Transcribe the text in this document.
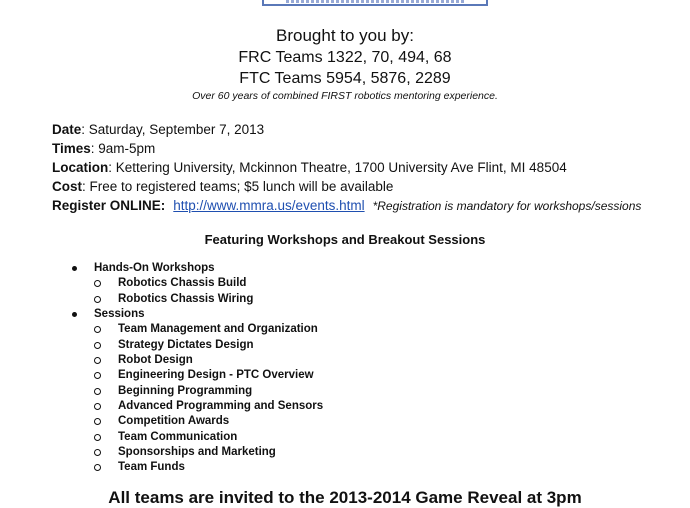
Brought to you by:
FRC Teams 1322, 70, 494, 68
FTC Teams 5954, 5876, 2289
Over 60 years of combined FIRST robotics mentoring experience.
Date: Saturday, September 7, 2013
Times: 9am-5pm
Location: Kettering University, Mckinnon Theatre, 1700 University Ave Flint, MI 48504
Cost: Free to registered teams; $5 lunch will be available
Register ONLINE: http://www.mmra.us/events.html *Registration is mandatory for workshops/sessions
Featuring Workshops and Breakout Sessions
Hands-On Workshops
Robotics Chassis Build
Robotics Chassis Wiring
Sessions
Team Management and Organization
Strategy Dictates Design
Robot Design
Engineering Design - PTC Overview
Beginning Programming
Advanced Programming and Sensors
Competition Awards
Team Communication
Sponsorships and Marketing
Team Funds
All teams are invited to the 2013-2014 Game Reveal at 3pm
